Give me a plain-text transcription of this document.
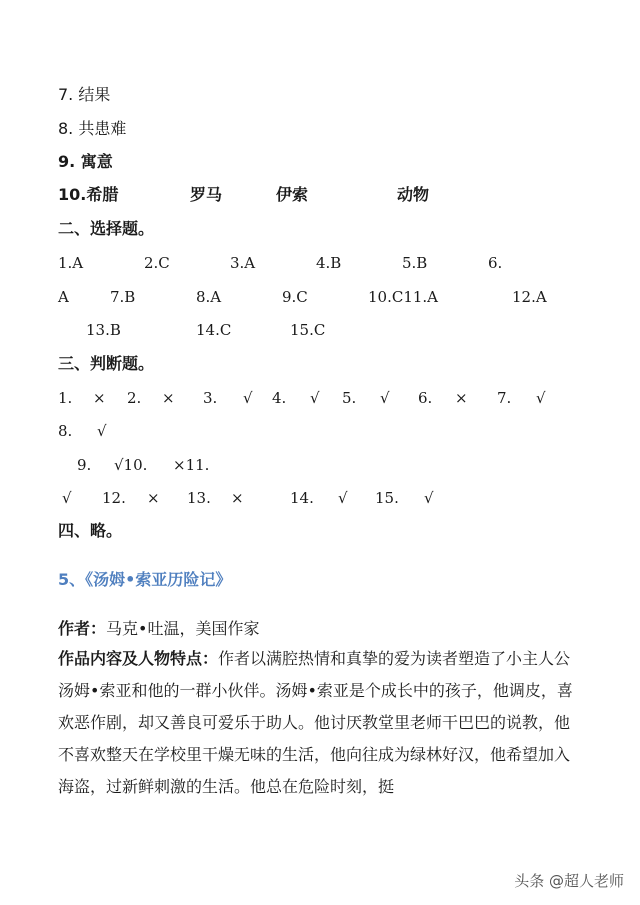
7. 结果
8. 共患难
9. 寓意
10.希腊	罗马	伊索	动物
二、选择题。
1.A	2.C	3.A	4.B	5.B	6.
A	7.B	8.A	9.C	10.C11.A	12.A
13.B	14.C	15.C
三、判断题。
1. × 2. × 3. √ 4. √ 5. √ 6. × 7. √
8. √
9. √10. ×11.
√ 12. × 13. ×	14. √ 15. √
四、略。
5、《汤姆•索亚历险记》
作者：马克•吐温，美国作家
作品内容及人物特点：作者以满腔热情和真挚的爱为读者塑造了小主人公汤姆•索亚和他的一群小伙伴。汤姆•索亚是个成长中的孩子，他调皮，喜欢恶作剧，却又善良可爱乐于助人。他讨厌教堂里老师干巴巴的说教，他不喜欢整天在学校里干燥无味的生活，他向往成为绿林好汉，他希望加入海盗，过新鲜刺激的生活。他总在危险时刻，挺
头条 @超人老师
